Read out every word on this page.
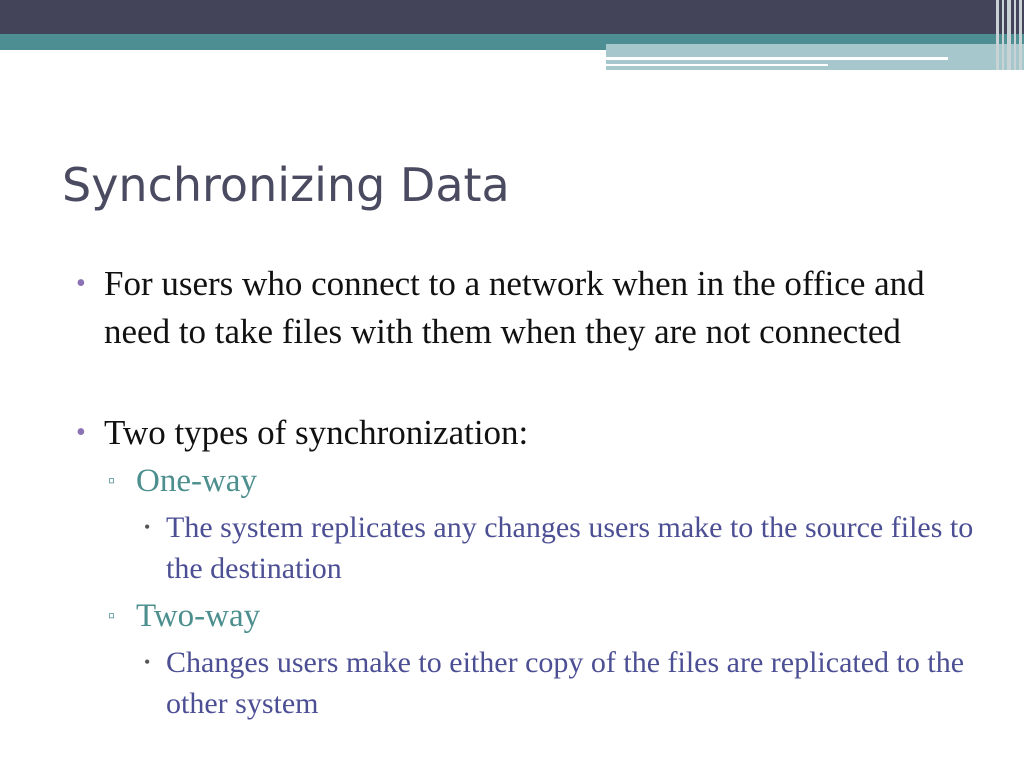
Synchronizing Data
• For users who connect to a network when in the office and need to take files with them when they are not connected
• Two types of synchronization:
▫ One-way
• The system replicates any changes users make to the source files to the destination
▫ Two-way
• Changes users make to either copy of the files are replicated to the other system
